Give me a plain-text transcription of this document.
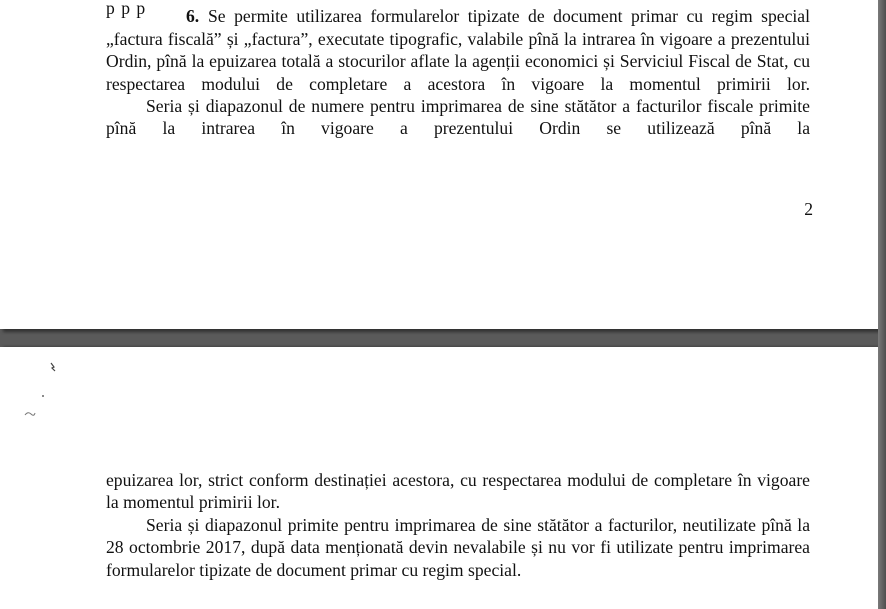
p p p	6. Se permite utilizarea formularelor tipizate de document primar cu regim special „factura fiscală” și „factura”, executate tipografic, valabile pînă la intrarea în vigoare a prezentului Ordin, pînă la epuizarea totală a stocurilor aflate la agenții economici și Serviciul Fiscal de Stat, cu respectarea modului de completare a acestora în vigoare la momentul primirii lor.

Seria și diapazonul de numere pentru imprimarea de sine stătător a facturilor fiscale primite pînă la intrarea în vigoare a prezentului Ordin se utilizează pînă la

2

epuizarea lor, strict conform destinației acestora, cu respectarea modului de completare în vigoare la momentul primirii lor.

Seria și diapazonul primite pentru imprimarea de sine stătător a facturilor, neutilizate pînă la 28 octombrie 2017, după data menționată devin nevalabile și nu vor fi utilizate pentru imprimarea formularelor tipizate de document primar cu regim special.
